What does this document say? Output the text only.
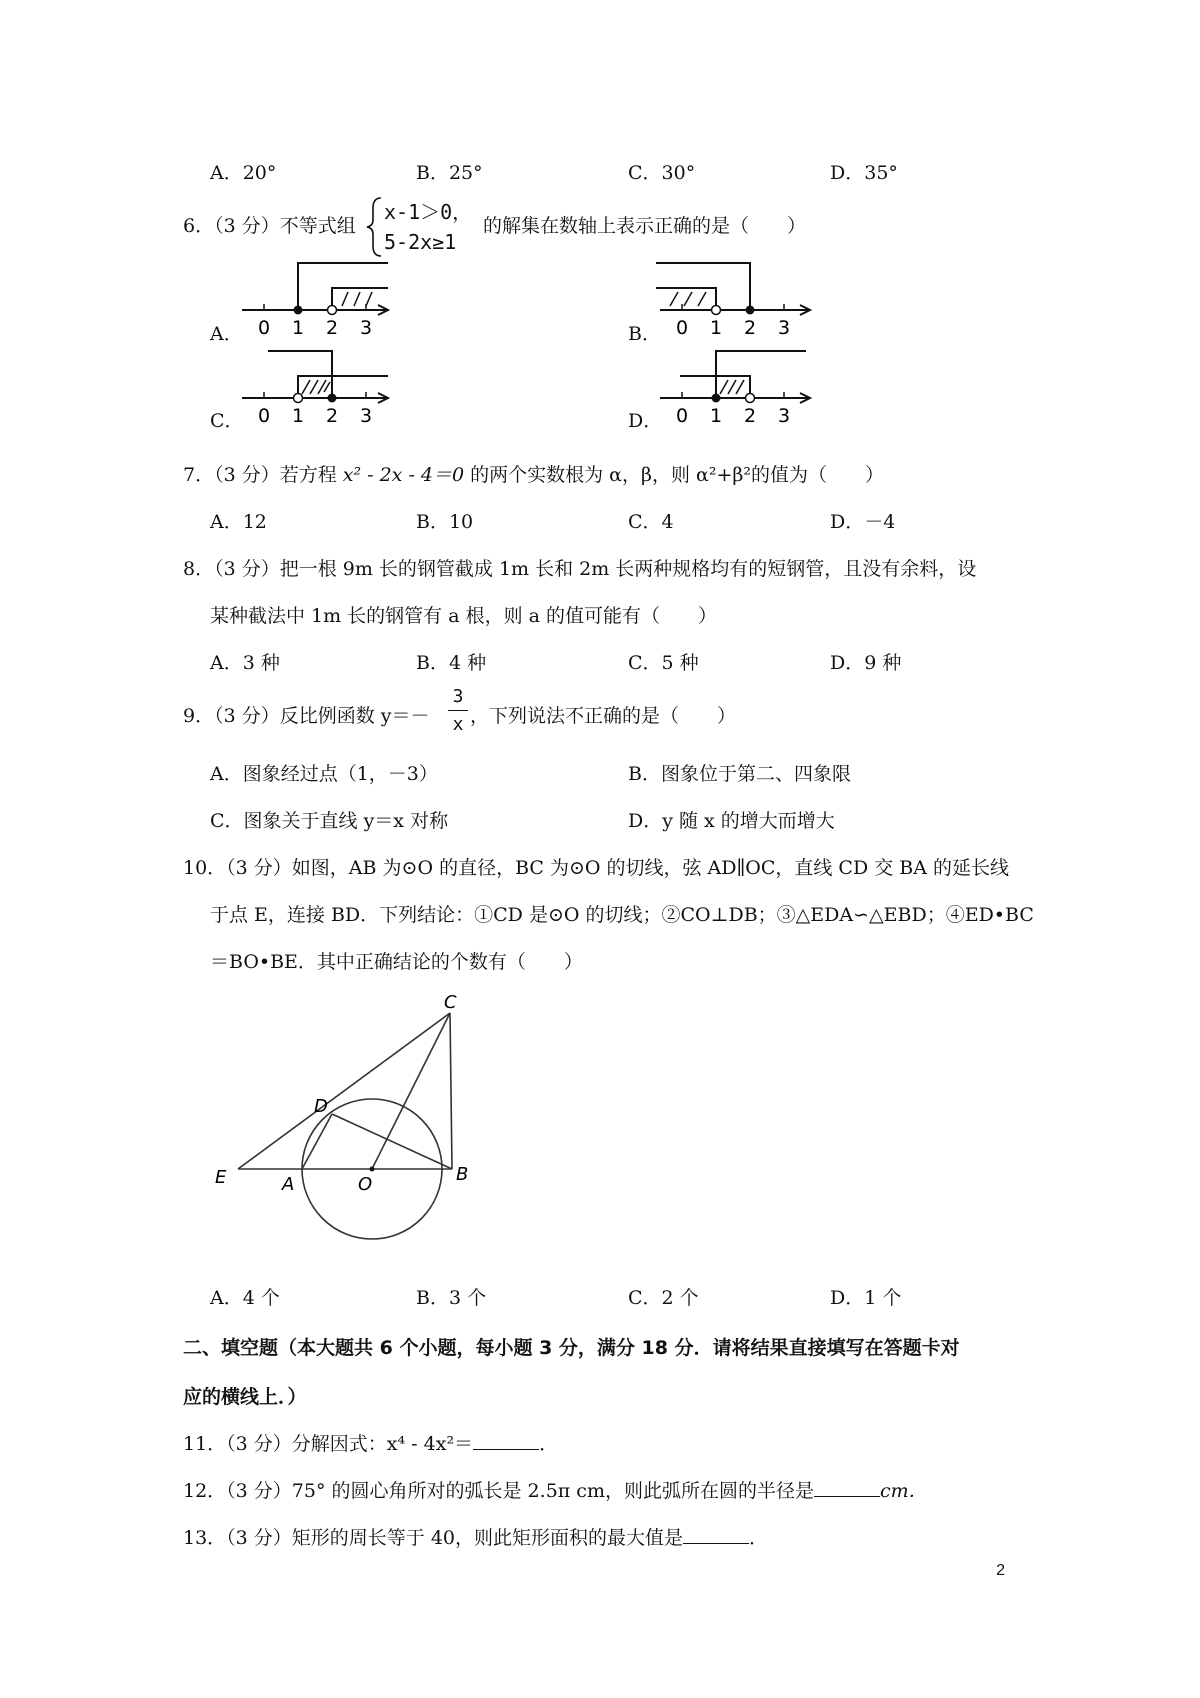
A．20°	B．25°	C．30°	D．35°
6．（3 分）不等式组
x-1＞0，
5-2x≥1
的解集在数轴上表示正确的是（　　）
A． 0 1 2 3	B． 0 1 2 3
C． 0 1 2 3	D． 0 1 2 3
7．（3 分）若方程 x² - 2x - 4＝0 的两个实数根为 α，β，则 α²+β²的值为（　　）
A．12	B．10	C．4	D．－4
8．（3 分）把一根 9m 长的钢管截成 1m 长和 2m 长两种规格均有的短钢管，且没有余料，设
某种截法中 1m 长的钢管有 a 根，则 a 的值可能有（　　）
A．3 种	B．4 种	C．5 种	D．9 种
9．（3 分）反比例函数 y＝－
3
x ，下列说法不正确的是（　　）
A．图象经过点（1，－3）	B．图象位于第二、四象限
C．图象关于直线 y＝x 对称	D．y 随 x 的增大而增大
10．（3 分）如图，AB 为⊙O 的直径，BC 为⊙O 的切线，弦 AD∥OC，直线 CD 交 BA 的延长线
于点 E，连接 BD．下列结论：①CD 是⊙O 的切线；②CO⊥DB；③△EDA∽△EBD；④ED•BC
＝BO•BE．其中正确结论的个数有（　　）
C
D
E	A	O	B
A．4 个	B．3 个	C．2 个	D．1 个
二、填空题（本大题共 6 个小题，每小题 3 分，满分 18 分．请将结果直接填写在答题卡对
应的横线上．）
11．（3 分）分解因式：x⁴ - 4x²＝	．
12．（3 分）75° 的圆心角所对的弧长是 2.5π cm，则此弧所在圆的半径是	cm．
13．（3 分）矩形的周长等于 40，则此矩形面积的最大值是	．
2
